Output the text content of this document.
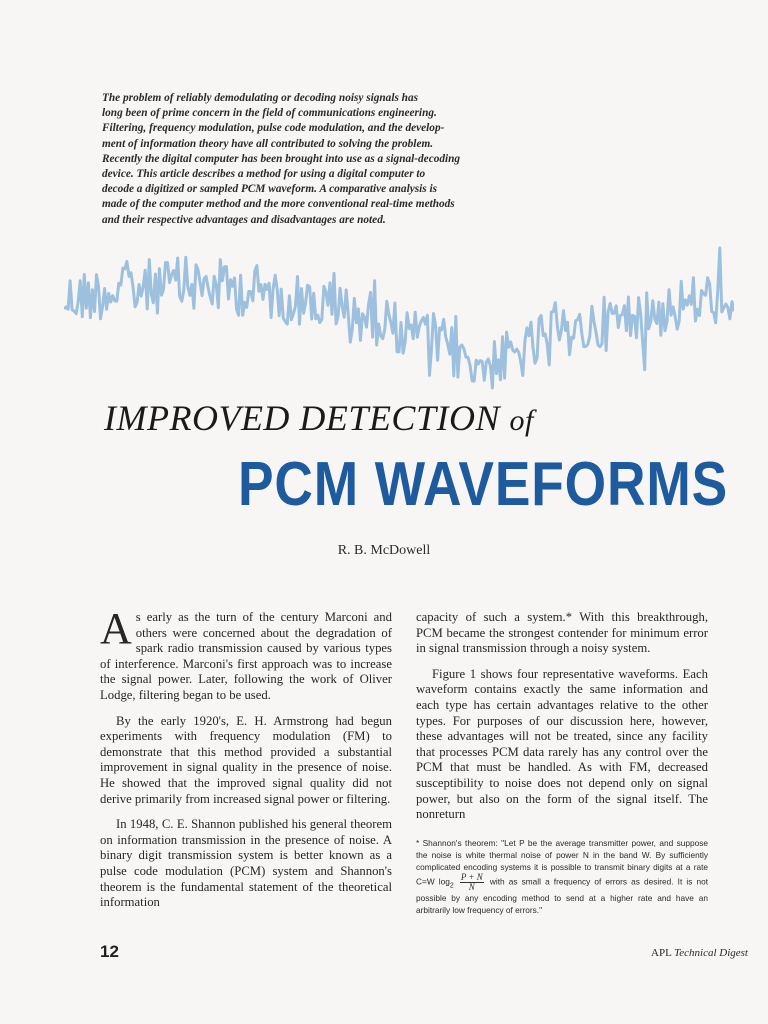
The problem of reliably demodulating or decoding noisy signals has

long been of prime concern in the field of communications engineering.

Filtering, frequency modulation, pulse code modulation, and the develop-

ment of information theory have all contributed to solving the problem.

Recently the digital computer has been brought into use as a signal-decoding

device. This article describes a method for using a digital computer to

decode a digitized or sampled PCM waveform. A comparative analysis is

made of the computer method and the more conventional real-time methods

and their respective advantages and disadvantages are noted.

IMPROVED DETECTION of
PCM WAVEFORMS
R. B. McDowell

As early as the turn of the century Marconi and others were concerned about the degradation of spark radio transmission caused by various types of interference. Marconi's first approach was to increase the signal power. Later, following the work of Oliver Lodge, filtering began to be used.

By the early 1920's, E. H. Armstrong had begun experiments with frequency modulation (FM) to demonstrate that this method provided a substantial improvement in signal quality in the presence of noise. He showed that the improved signal quality did not derive primarily from increased signal power or filtering.

In 1948, C. E. Shannon published his general theorem on information transmission in the presence of noise. A binary digit transmission system is better known as a pulse code modulation (PCM) system and Shannon's theorem is the fundamental statement of the theoretical information

capacity of such a system.* With this breakthrough, PCM became the strongest contender for minimum error in signal transmission through a noisy system.

Figure 1 shows four representative waveforms. Each waveform contains exactly the same information and each type has certain advantages relative to the other types. For purposes of our discussion here, however, these advantages will not be treated, since any facility that processes PCM data rarely has any control over the PCM that must be handled. As with FM, decreased susceptibility to noise does not depend only on signal power, but also on the form of the signal itself. The nonreturn

* Shannon's theorem: "Let P be the average transmitter power, and suppose the noise is white thermal noise of power N in the band W. By sufficiently complicated encoding systems it is possible to transmit binary digits at a rate C=W $\log_2 \frac{P + N}{N}$ with as small a frequency of errors as desired. It is not possible by any encoding method to send at a higher rate and have an arbitrarily low frequency of errors."
12	APL Technical Digest
